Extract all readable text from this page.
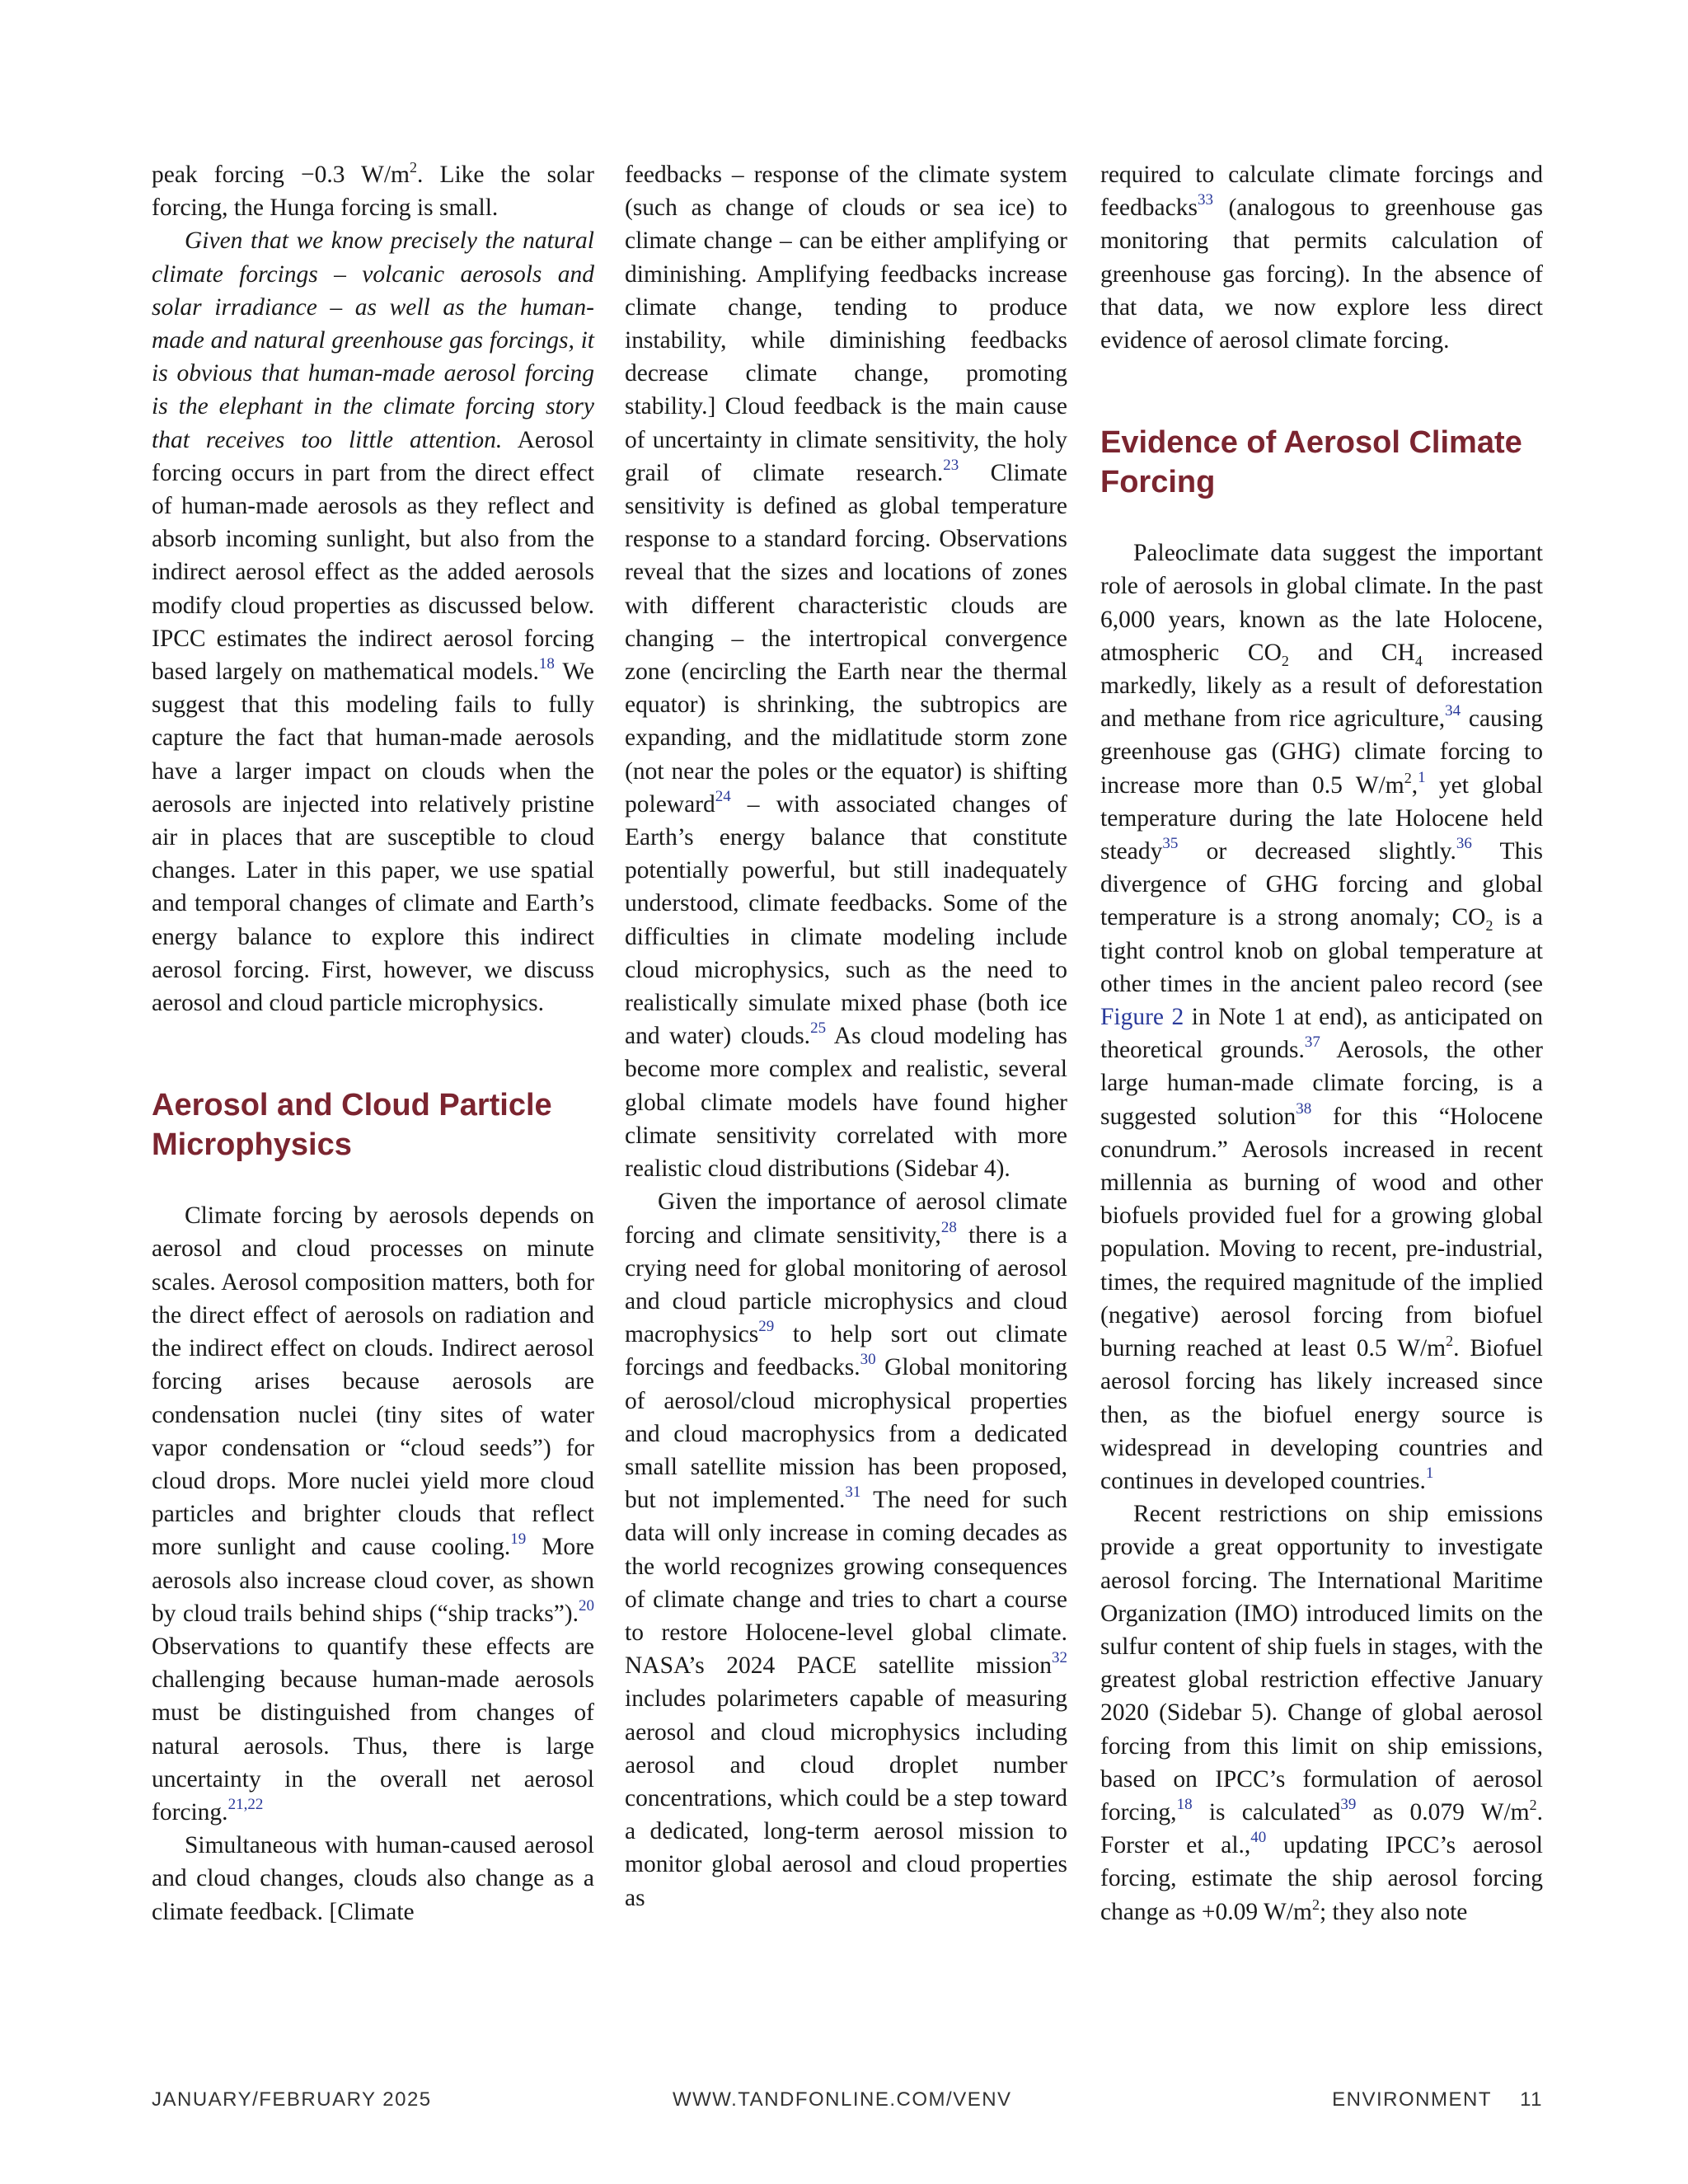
peak forcing −0.3 $W/m^2$. Like the solar forcing, the Hunga forcing is small.

Given that we know precisely the natural climate forcings – volcanic aerosols and solar irradiance – as well as the human-made and natural greenhouse gas forcings, it is obvious that human-made aerosol forcing is the elephant in the climate forcing story that receives too little attention. Aerosol forcing occurs in part from the direct effect of human-made aerosols as they reflect and absorb incoming sunlight, but also from the indirect aerosol effect as the added aerosols modify cloud properties as discussed below. IPCC estimates the indirect aerosol forcing based largely on mathematical models.$^{18}$ We suggest that this modeling fails to fully capture the fact that human-made aerosols have a larger impact on clouds when the aerosols are injected into relatively pristine air in places that are susceptible to cloud changes. Later in this paper, we use spatial and temporal changes of climate and Earth’s energy balance to explore this indirect aerosol forcing. First, however, we discuss aerosol and cloud particle microphysics.

Aerosol and Cloud Particle Microphysics

Climate forcing by aerosols depends on aerosol and cloud processes on minute scales. Aerosol composition matters, both for the direct effect of aerosols on radiation and the indirect effect on clouds. Indirect aerosol forcing arises because aerosols are condensation nuclei (tiny sites of water vapor condensation or “cloud seeds”) for cloud drops. More nuclei yield more cloud particles and brighter clouds that reflect more sunlight and cause cooling.$^{19}$ More aerosols also increase cloud cover, as shown by cloud trails behind ships (“ship tracks”).$^{20}$ Observations to quantify these effects are challenging because human-made aerosols must be distinguished from changes of natural aerosols. Thus, there is large uncertainty in the overall net aerosol forcing.$^{21,22}$

Simultaneous with human-caused aerosol and cloud changes, clouds also change as a climate feedback. [Climate

feedbacks – response of the climate system (such as change of clouds or sea ice) to climate change – can be either amplifying or diminishing. Amplifying feedbacks increase climate change, tending to produce instability, while diminishing feedbacks decrease climate change, promoting stability.] Cloud feedback is the main cause of uncertainty in climate sensitivity, the holy grail of climate research.$^{23}$ Climate sensitivity is defined as global temperature response to a standard forcing. Observations reveal that the sizes and locations of zones with different characteristic clouds are changing – the intertropical convergence zone (encircling the Earth near the thermal equator) is shrinking, the subtropics are expanding, and the midlatitude storm zone (not near the poles or the equator) is shifting poleward$^{24}$ – with associated changes of Earth’s energy balance that constitute potentially powerful, but still inadequately understood, climate feedbacks. Some of the difficulties in climate modeling include cloud microphysics, such as the need to realistically simulate mixed phase (both ice and water) clouds.$^{25}$ As cloud modeling has become more complex and realistic, several global climate models have found higher climate sensitivity correlated with more realistic cloud distributions (Sidebar 4).

Given the importance of aerosol climate forcing and climate sensitivity,$^{28}$ there is a crying need for global monitoring of aerosol and cloud particle microphysics and cloud macrophysics$^{29}$ to help sort out climate forcings and feedbacks.$^{30}$ Global monitoring of aerosol/cloud microphysical properties and cloud macrophysics from a dedicated small satellite mission has been proposed, but not implemented.$^{31}$ The need for such data will only increase in coming decades as the world recognizes growing consequences of climate change and tries to chart a course to restore Holocene-level global climate. NASA’s 2024 PACE satellite mission$^{32}$ includes polarimeters capable of measuring aerosol and cloud microphysics including aerosol and cloud droplet number concentrations, which could be a step toward a dedicated, long-term aerosol mission to monitor global aerosol and cloud properties as

required to calculate climate forcings and feedbacks$^{33}$ (analogous to greenhouse gas monitoring that permits calculation of greenhouse gas forcing). In the absence of that data, we now explore less direct evidence of aerosol climate forcing.

Evidence of Aerosol Climate Forcing

Paleoclimate data suggest the important role of aerosols in global climate. In the past 6,000 years, known as the late Holocene, atmospheric $CO_2$ and $CH_4$ increased markedly, likely as a result of deforestation and methane from rice agriculture,$^{34}$ causing greenhouse gas (GHG) climate forcing to increase more than 0.5 $W/m^2,^1$ yet global temperature during the late Holocene held steady$^{35}$ or decreased slightly.$^{36}$ This divergence of GHG forcing and global temperature is a strong anomaly; $CO_2$ is a tight control knob on global temperature at other times in the ancient paleo record (see Figure 2 in Note 1 at end), as anticipated on theoretical grounds.$^{37}$ Aerosols, the other large human-made climate forcing, is a suggested solution$^{38}$ for this “Holocene conundrum.” Aerosols increased in recent millennia as burning of wood and other biofuels provided fuel for a growing global population. Moving to recent, pre-industrial, times, the required magnitude of the implied (negative) aerosol forcing from biofuel burning reached at least 0.5 $W/m^2$. Biofuel aerosol forcing has likely increased since then, as the biofuel energy source is widespread in developing countries and continues in developed countries.$^1$

Recent restrictions on ship emissions provide a great opportunity to investigate aerosol forcing. The International Maritime Organization (IMO) introduced limits on the sulfur content of ship fuels in stages, with the greatest global restriction effective January 2020 (Sidebar 5). Change of global aerosol forcing from this limit on ship emissions, based on IPCC’s formulation of aerosol forcing,$^{18}$ is calculated$^{39}$ as 0.079 $W/m^2$. Forster et al.,$^{40}$ updating IPCC’s aerosol forcing, estimate the ship aerosol forcing change as +0.09 $W/m^2$; they also note

JANUARY/FEBRUARY 2025	WWW.TANDFONLINE.COM/VENV	ENVIRONMENT 11
